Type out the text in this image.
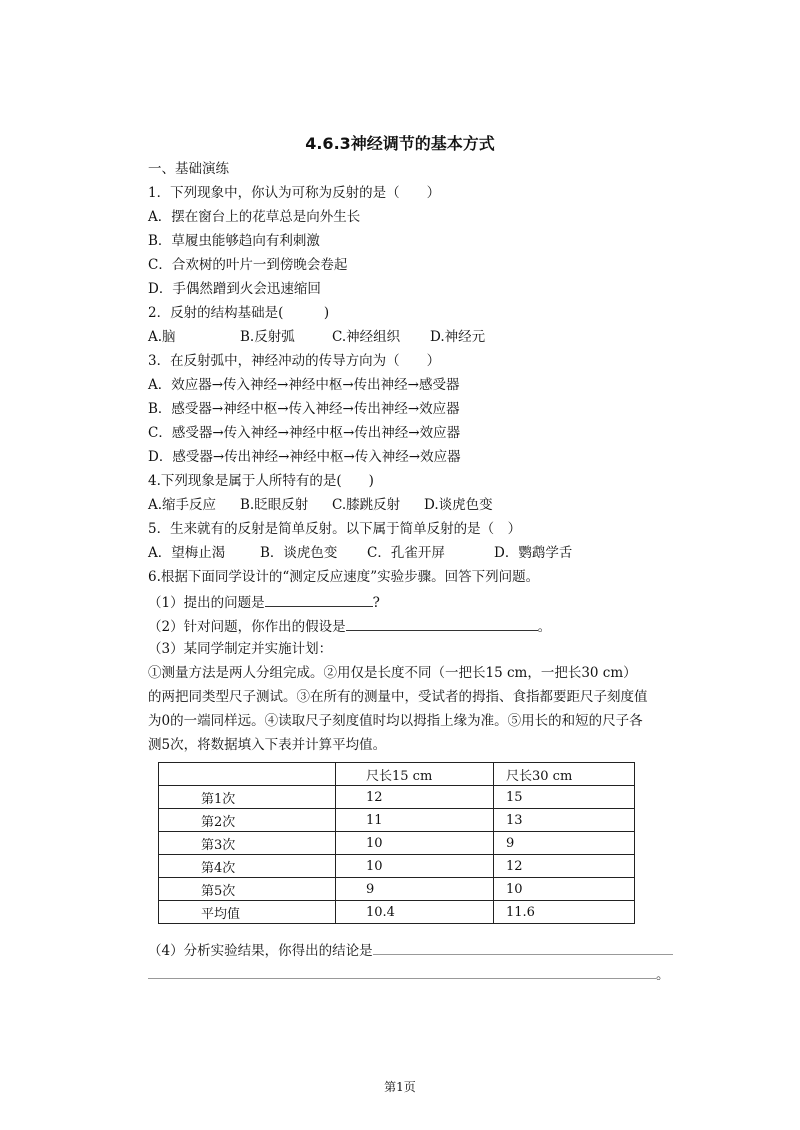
4.6.3神经调节的基本方式
一、基础演练
1．下列现象中，你认为可称为反射的是（　　）
A．摆在窗台上的花草总是向外生长
B．草履虫能够趋向有利刺激
C．合欢树的叶片一到傍晚会卷起
D．手偶然蹭到火会迅速缩回
2．反射的结构基础是(　　　)
A.脑	B.反射弧	C.神经组织 D.神经元
3．在反射弧中，神经冲动的传导方向为（　　）
A．效应器→传入神经→神经中枢→传出神经→感受器
B．感受器→神经中枢→传入神经→传出神经→效应器
C．感受器→传入神经→神经中枢→传出神经→效应器
D．感受器→传出神经→神经中枢→传入神经→效应器
4.下列现象是属于人所特有的是(　　)
A.缩手反应 B.眨眼反射 C.膝跳反射 D.谈虎色变
5．生来就有的反射是简单反射。以下属于简单反射的是（　）
A．望梅止渴	B．谈虎色变 C．孔雀开屏	D．鹦鹉学舌
6.根据下面同学设计的“测定反应速度”实验步骤。回答下列问题。
（1）提出的问题是	?
（2）针对问题，你作出的假设是	。
（3）某同学制定并实施计划：
①测量方法是两人分组完成。②用仅是长度不同（一把长15 cm，一把长30 cm）的两把同类型尺子测试。③在所有的测量中，受试者的拇指、食指都要距尺子刻度值为0的一端同样远。④读取尺子刻度值时均以拇指上缘为准。⑤用长的和短的尺子各测5次，将数据填入下表并计算平均值。
	尺长15 cm	尺长30 cm
第1次	12	15
第2次	11	13
第3次	10	9
第4次	10	12
第5次	9	10
平均值	10.4	11.6
（4）分析实验结果，你得出的结论是
。
第1页
